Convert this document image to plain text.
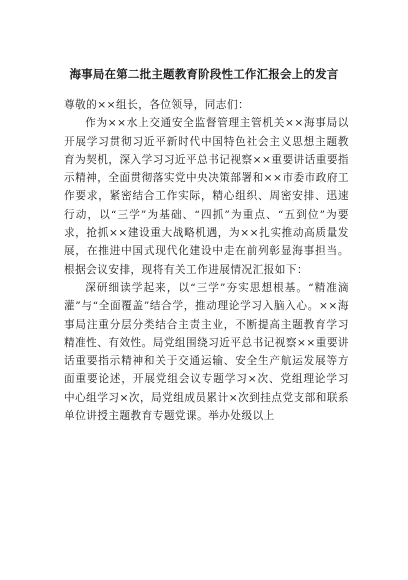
海事局在第二批主题教育阶段性工作汇报会上的发言

尊敬的××组长，各位领导，同志们：

作为××水上交通安全监督管理主管机关××海事局以开展学习贯彻习近平新时代中国特色社会主义思想主题教育为契机，深入学习习近平总书记视察××重要讲话重要指示精神，全面贯彻落实党中央决策部署和××市委市政府工作要求，紧密结合工作实际，精心组织、周密安排、迅速行动，以“三学”为基础、“四抓”为重点、“五到位”为要求，抢抓××建设重大战略机遇，为××扎实推动高质量发展，在推进中国式现代化建设中走在前列彰显海事担当。根据会议安排，现将有关工作进展情况汇报如下：

深研细读学起来，以“三学”夯实思想根基。“精准滴灌”与“全面覆盖”结合学，推动理论学习入脑入心。××海事局注重分层分类结合主责主业，不断提高主题教育学习精准性、有效性。局党组围绕习近平总书记视察××重要讲话重要指示精神和关于交通运输、安全生产航运发展等方面重要论述，开展党组会议专题学习×次、党组理论学习中心组学习×次，局党组成员累计×次到挂点党支部和联系单位讲授主题教育专题党课。举办处级以上
